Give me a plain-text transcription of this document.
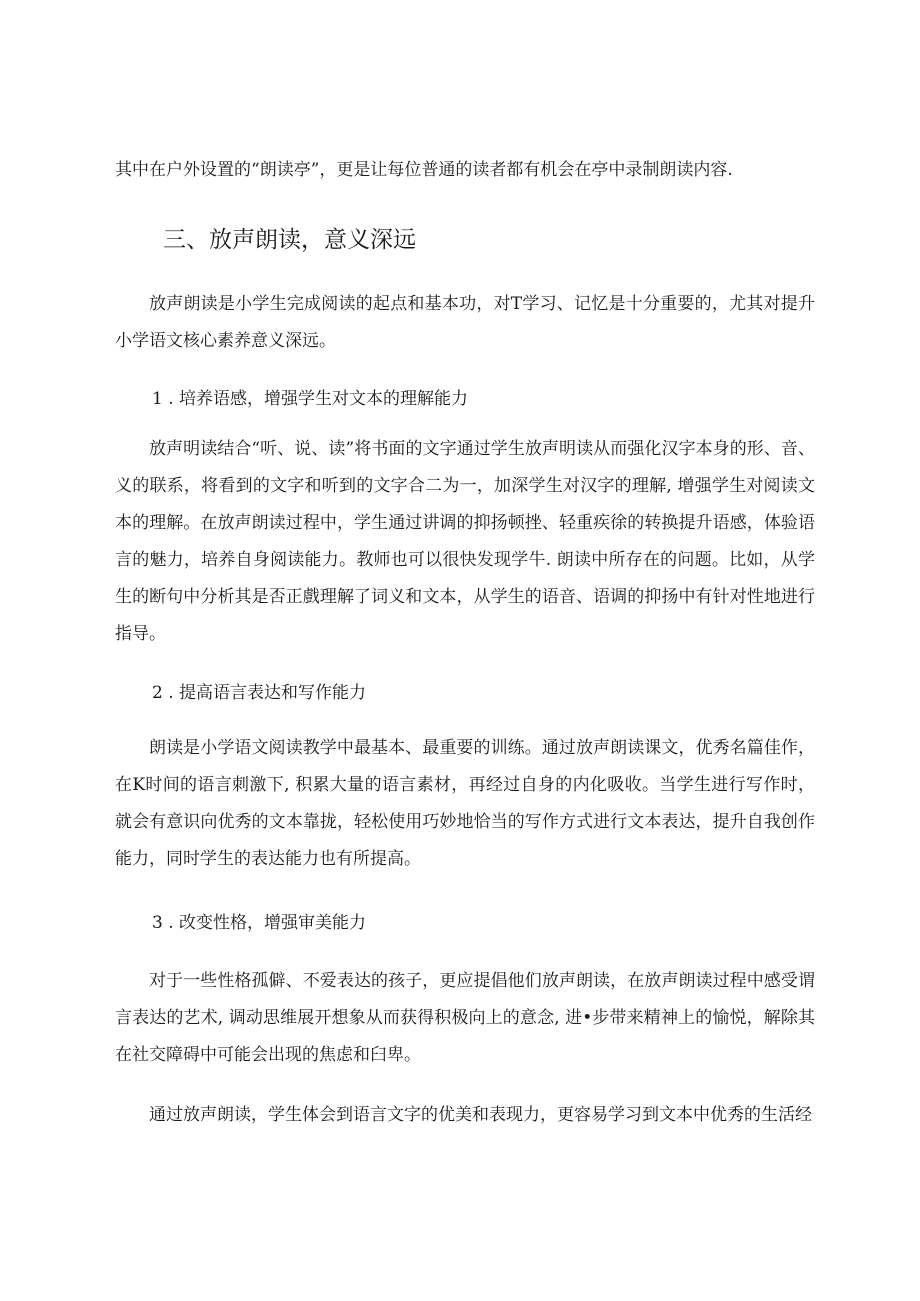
其中在户外设置的“朗读亭”，更是让每位普通的读者都有机会在亭中录制朗读内容.
三、放声朗读，意义深远

放声朗读是小学生完成阅读的起点和基本功，对T学习、记忆是十分重要的，尤其对提升小学语文核心素养意义深远。

1 . 培养语感，增强学生对文本的理解能力

放声明读结合“听、说、读”将书面的文字通过学生放声明读从而强化汉字本身的形、音、义的联系，将看到的文字和听到的文字合二为一，加深学生对汉字的理解, 增强学生对阅读文本的理解。在放声朗读过程中，学生通过讲调的抑扬顿挫、轻重疾徐的转换提升语感，体验语言的魅力，培养自身阅读能力。教师也可以很快发现学牛. 朗读中所存在的问题。比如，从学生的断句中分析其是否正戲理解了词义和文本，从学生的语音、语调的抑扬中有针对性地进行指导。

2 . 提高语言表达和写作能力

朗读是小学语文阅读教学中最基本、最重要的训练。通过放声朗读课文，优秀名篇佳作，在K时间的语言刺激下, 积累大量的语言素材，再经过自身的内化吸收。当学生进行写作时，就会有意识向优秀的文本靠拢，轻松使用巧妙地恰当的写作方式进行文本表达，提升自我创作能力，同时学生的表达能力也有所提高。

3 . 改变性格，增强审美能力

对于一些性格孤僻、不爱表达的孩子，更应提倡他们放声朗读，在放声朗读过程中感受谓言表达的艺术, 调动思维展开想象从而获得积极向上的意念, 进•步带来精神上的愉悦，解除其在社交障碍中可能会出现的焦虑和臼卑。

通过放声朗读，学生体会到语言文字的优美和表现力，更容易学习到文本中优秀的生活经
